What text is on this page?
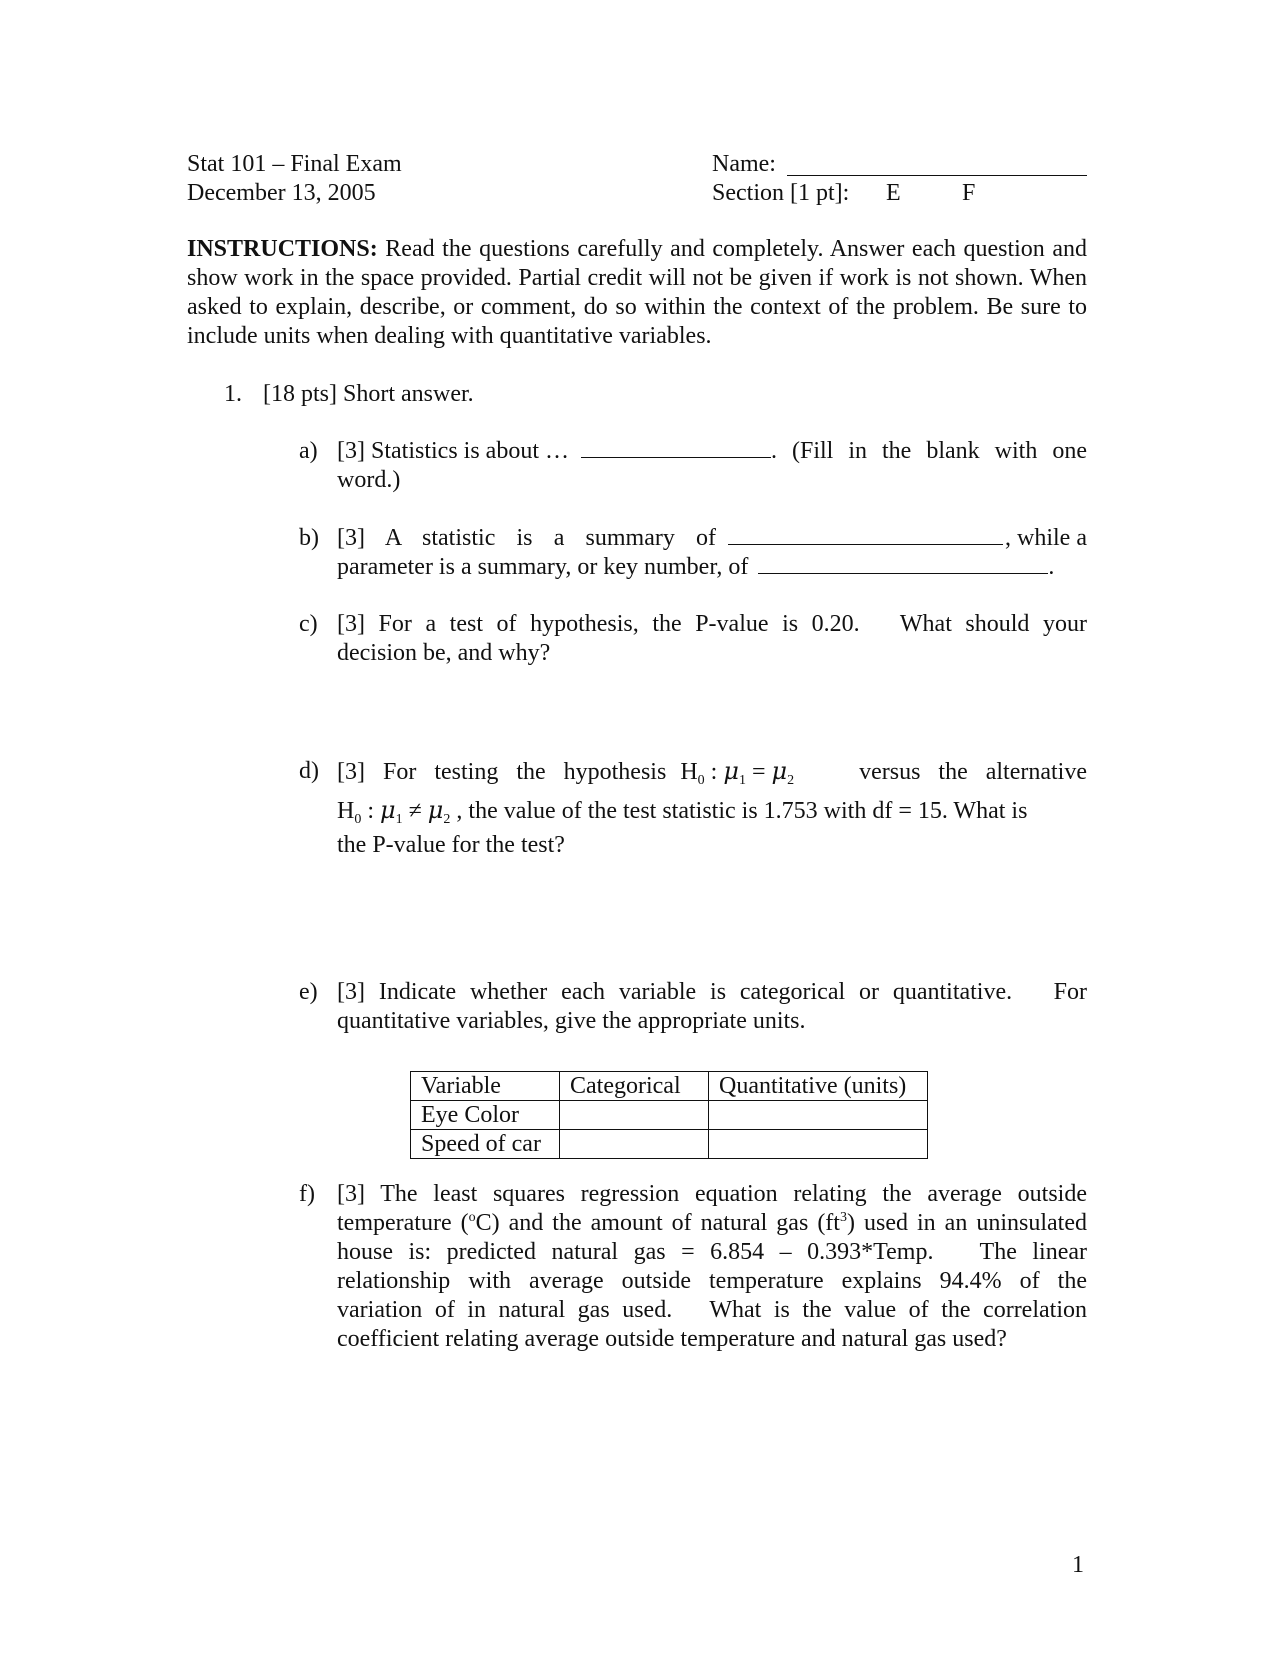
Stat 101 – Final Exam
December 13, 2005
Name:
Section [1 pt]: E	F
INSTRUCTIONS: Read the questions carefully and completely. Answer each question and show work in the space provided. Partial credit will not be given if work is not shown. When asked to explain, describe, or comment, do so within the context of the problem. Be sure to include units when dealing with quantitative variables.
1. [18 pts] Short answer.
a) [3] Statistics is about …	. (Fill in the blank with one
word.)
b) [3] A statistic is a summary of	, while a
parameter is a summary, or key number, of	.
c) [3] For a test of hypothesis, the P-value is 0.20.   What should your
decision be, and why?
d) [3]   For   testing   the   hypothesis $H_0$ : $\mu_1 = \mu_2$	versus   the   alternative
$H_0$ : $\mu_1 \ne \mu_2$ , the value of the test statistic is 1.753 with df = 15. What is
the P-value for the test?
e) [3] Indicate whether each variable is categorical or quantitative.   For
quantitative variables, give the appropriate units.
Variable	Categorical	Quantitative (units)
Eye Color		
Speed of car		
f) [3] The least squares regression equation relating the average outside
temperature ($^o$C) and the amount of natural gas $(ft^3)$ used in an uninsulated
house is: predicted natural gas = 6.854 – 0.393*Temp.   The linear
relationship with average outside temperature explains 94.4% of the
variation of in natural gas used.   What is the value of the correlation
coefficient relating average outside temperature and natural gas used?
1
